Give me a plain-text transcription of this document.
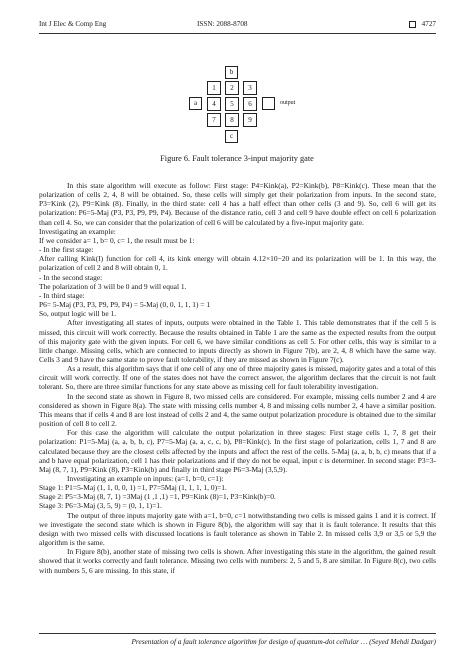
Int J Elec & Comp Eng	ISSN: 2088-8708	4727
b
1	2	3
a	4	5	6	output
7	8	9
c
Figure 6. Fault tolerance 3-input majority gate

In this state algorithm will execute as follow: First stage: P4=Kink(a), P2=Kink(b), P8=Kink(c). These mean that the polarization of cells 2, 4, 8 will be obtained. So, these cells will simply get their polarization from inputs. In the second state, P3=Kink (2), P9=Kink (8). Finally, in the third state: cell 4 has a half effect than other cells (3 and 9). So, cell 6 will get its polarization: P6=5-Maj (P3, P3, P9, P9, P4). Because of the distance ratio, cell 3 and cell 9 have double effect on cell 6 polarization than cell 4. So, we can consider that the polarization of cell 6 will be calculated by a five-input majority gate.

Investigating an example:

If we consider a= 1, b= 0, c= 1, the result must be 1:

- In the first stage:

After calling Kink(I) function for cell 4, its kink energy will obtain 4.12×10−20 and its polarization will be 1. In this way, the polarization of cell 2 and 8 will obtain 0, 1.

- In the second stage:

The polarization of 3 will be 0 and 9 will equal 1.

- In third stage:

P6= 5-Maj (P3, P3, P9, P9, P4) = 5-Maj (0, 0, 1, 1, 1) = 1

So, output logic will be 1.

After investigating all states of inputs, outputs were obtained in the Table 1. This table demonstrates that if the cell 5 is missed, this circuit will work correctly. Because the results obtained in Table 1 are the same as the expected results from the output of this majority gate with the given inputs. For cell 6, we have similar conditions as cell 5. For other cells, this way is similar to a little change. Missing cells, which are connected to inputs directly as shown in Figure 7(b), are 2, 4, 8 which have the same way. Cells 3 and 9 have the same state to prove fault tolerability, if they are missed as shown in Figure 7(c).

As a result, this algorithm says that if one cell of any one of three majority gates is missed, majority gates and a total of this circuit will work correctly. If one of the states does not have the correct answer, the algorithm declares that the circuit is not fault tolerant. So, there are three similar functions for any state above as missing cell for fault tolerability investigation.

In the second state as shown in Figure 8, two missed cells are considered. For example, missing cells number 2 and 4 are considered as shown in Figure 8(a). The state with missing cells number 4, 8 and missing cells number 2, 4 have a similar position. This means that if cells 4 and 8 are lost instead of cells 2 and 4, the same output polarization procedure is obtained due to the similar position of cell 8 to cell 2.

For this case the algorithm will calculate the output polarization in three stages: First stage cells 1, 7, 8 get their polarization: P1=5-Maj (a, a, b, b, c), P7=5-Maj (a, a, c, c, b), P8=Kink(c). In the first stage of polarization, cells 1, 7 and 8 are calculated because they are the closest cells affected by the inputs and affect the rest of the cells. 5-Maj (a, a, b, b, c) means that if a and b have equal polarization, cell 1 has their polarizations and if they do not be equal, input c is determiner. In second stage: P3=3-Maj (8, 7, 1), P9=Kink (8), P3=Kink(b) and finally in third stage P6=3-Maj (3,5,9).

Investigating an example on inputs: (a=1, b=0, c=1):

Stage 1: P1=5-Maj (1, 1, 0, 0, 1) =1, P7=5Maj (1, 1, 1, 1, 0)=1.

Stage 2: P5=3-Maj (8, 7, 1) =3Maj (1 ,1 ,1) =1, P9=Kink (8)=1, P3=Kink(b)=0.

Stage 3: P6=3-Maj (3, 5, 9) = (0, 1, 1)=1.

The output of three inputs majority gate with a=1, b=0, c=1 notwithstanding two cells is missed gains 1 and it is correct. If we investigate the second state which is shown in Figure 8(b), the algorithm will say that it is fault tolerance. It results that this design with two missed cells with discussed locations is fault tolerance as shown in Table 2. In missed cells 3,9 or 3,5 or 5,9 the algorithm is the same.

In Figure 8(b), another state of missing two cells is shown. After investigating this state in the algorithm, the gained result showed that it works correctly and fault tolerance. Missing two cells with numbers: 2, 5 and 5, 8 are similar. In Figure 8(c), two cells with numbers 5, 6 are missing. In this state, if

Presentation of a fault tolerance algorithm for design of quantum-dot cellular … (Seyed Mehdi Dadgar)
